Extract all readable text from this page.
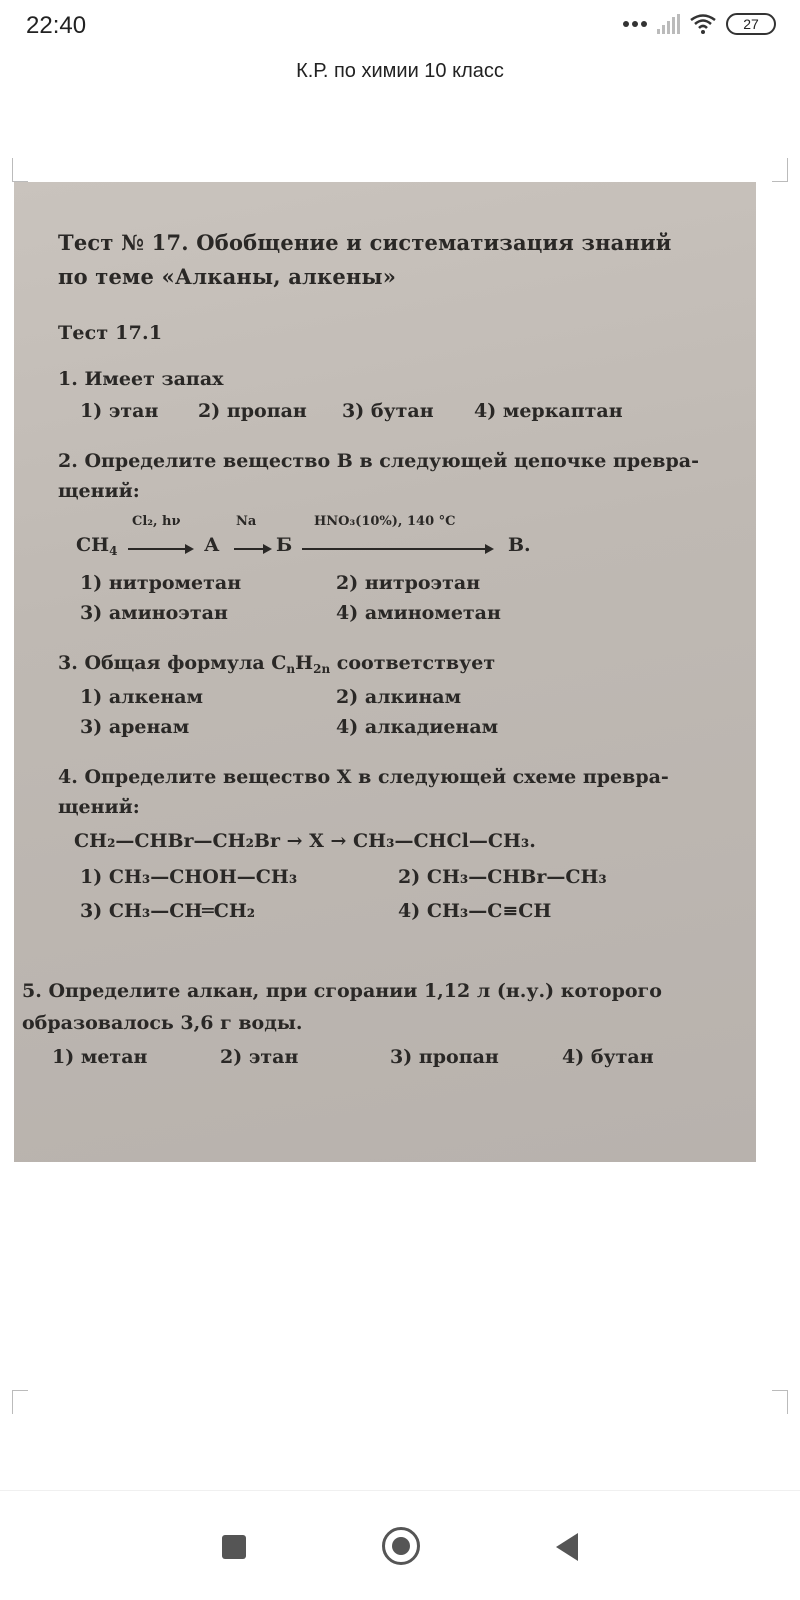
22:40	27
К.Р. по химии 10 класс
Тест № 17. Обобщение и систематизация знаний
по теме «Алканы, алкены»
Тест 17.1
1. Имеет запах
1) этан 2) пропан 3) бутан 4) меркаптан
2. Определите вещество В в следующей цепочке превра-
щений:
$CH_4$
Cl₂, hν
А
Na
Б
HNO₃(10%), 140 °C
В.
1) нитрометан	2) нитроэтан
3) аминоэтан	4) аминометан
3. Общая формула $C_nH_{2n}$ соответствует
1) алкенам	2) алкинам
3) аренам	4) алкадиенам
4. Определите вещество X в следующей схеме превра-
щений:
CH₂—CHBr—CH₂Br → X → CH₃—CHCl—CH₃.
1) CH₃—CHOH—CH₃	2) CH₃—CHBr—CH₃
3) CH₃—CH═CH₂	4) CH₃—C≡CH
5. Определите алкан, при сгорании 1,12 л (н.у.) которого
образовалось 3,6 г воды.
1) метан	2) этан	3) пропан	4) бутан
